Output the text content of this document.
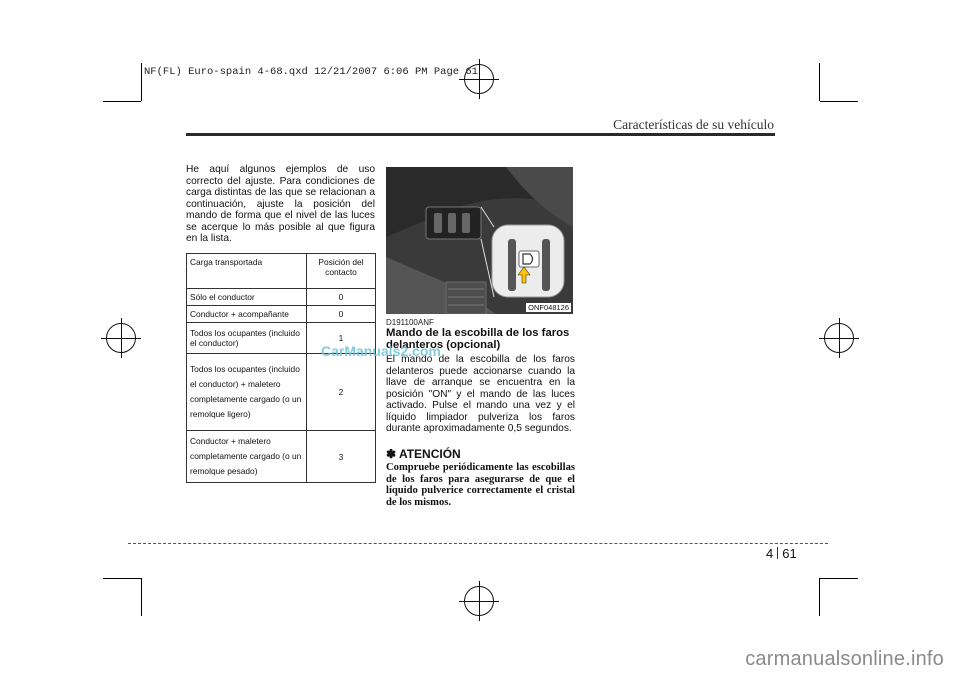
NF(FL) Euro-spain 4-68.qxd 12/21/2007 6:06 PM Page 61
Características de su vehículo

He aquí algunos ejemplos de uso correcto del ajuste. Para condiciones de carga distintas de las que se relacionan a continuación, ajuste la posición del mando de forma que el nivel de las luces se acerque lo más posible al que figura en la lista.

Carga transportada	Posición del contacto
Sólo el conductor	0
Conductor + acompañante	0
Todos los ocupantes (incluido el conductor)	1
Todos los ocupantes (incluido el conductor) + maletero completamente cargado (o un remolque ligero)	2
Conductor + maletero completamente cargado (o un remolque pesado)	3
ONF048126
D191100ANF
Mando de la escobilla de los faros delanteros (opcional)

El mando de la escobilla de los faros delanteros puede accionarse cuando la llave de arranque se encuentra en la posición "ON" y el mando de las luces activado. Pulse el mando una vez y el líquido limpiador pulveriza los faros durante aproximadamente 0,5 segundos.

✽ ATENCIÓN

Compruebe periódicamente las escobillas de los faros para asegurarse de que el líquido pulverice correctamente el cristal de los mismos.

CarManuals2.com
4 61
carmanualsonline.info
